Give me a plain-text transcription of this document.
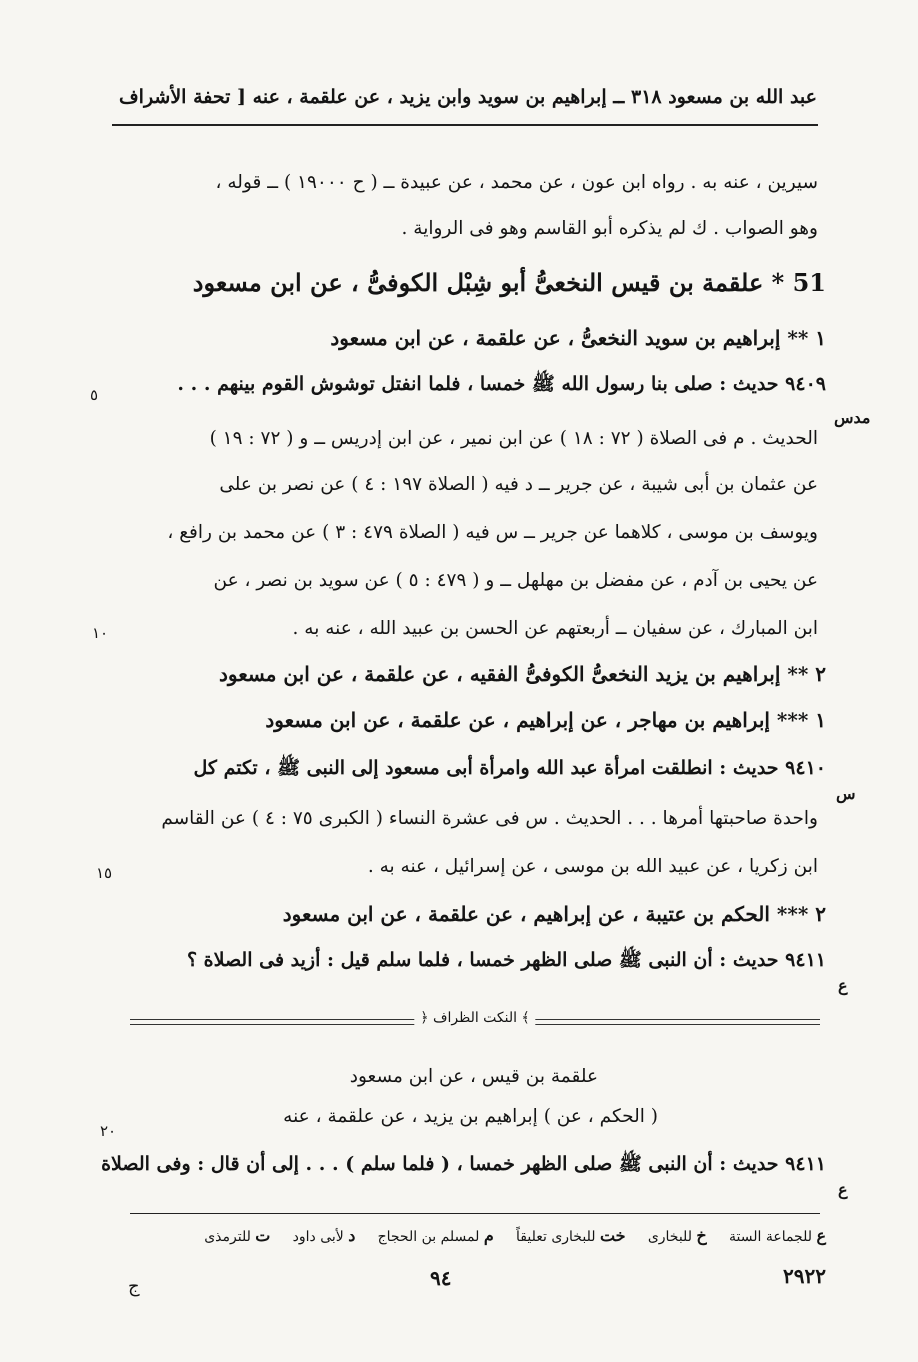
عبد الله بن مسعود ٣١٨ ــ إبراهيم بن سويد وابن يزيد ، عن علقمة ، عنه [ تحفة الأشراف
سيرين ، عنه به . رواه ابن عون ، عن محمد ، عن عبيدة ــ ( ح ١٩٠٠٠ ) ــ قوله ،
وهو الصواب . ك لم يذكره أبو القاسم وهو فى الرواية .
51 * علقمة بن قيس النخعىُّ أبو شِبْل الكوفىُّ ، عن ابن مسعود
١ ** إبراهيم بن سويد النخعىُّ ، عن علقمة ، عن ابن مسعود
٩٤٠٩ حديث : صلى بنا رسول الله ﷺ خمسا ، فلما انفتل توشوش القوم بينهم . . .
الحديث . م فى الصلاة ( ٧٢ : ١٨ ) عن ابن نمير ، عن ابن إدريس ــ و ( ٧٢ : ١٩ )
عن عثمان بن أبى شيبة ، عن جرير ــ د فيه ( الصلاة ١٩٧ : ٤ ) عن نصر بن على
ويوسف بن موسى ، كلاهما عن جرير ــ س فيه ( الصلاة ٤٧٩ : ٣ ) عن محمد بن رافع ،
عن يحيى بن آدم ، عن مفضل بن مهلهل ــ و ( ٤٧٩ : ٥ ) عن سويد بن نصر ، عن
ابن المبارك ، عن سفيان ــ أربعتهم عن الحسن بن عبيد الله ، عنه به .
٢ ** إبراهيم بن يزيد النخعىُّ الكوفىُّ الفقيه ، عن علقمة ، عن ابن مسعود
١ *** إبراهيم بن مهاجر ، عن إبراهيم ، عن علقمة ، عن ابن مسعود
٩٤١٠ حديث : انطلقت امرأة عبد الله وامرأة أبى مسعود إلى النبى ﷺ ، تكتم كل
واحدة صاحبتها أمرها . . . الحديث . س فى عشرة النساء ( الكبرى ٧٥ : ٤ ) عن القاسم
ابن زكريا ، عن عبيد الله بن موسى ، عن إسرائيل ، عنه به .
٢ *** الحكم بن عتيبة ، عن إبراهيم ، عن علقمة ، عن ابن مسعود
٩٤١١ حديث : أن النبى ﷺ صلى الظهر خمسا ، فلما سلم قيل : أزيد فى الصلاة ؟
مدس
س
ع
٥
١٠
١٥
٢٠
﴿ النكت الظراف ﴾
علقمة بن قيس ، عن ابن مسعود
( الحكم ، عن ) إبراهيم بن يزيد ، عن علقمة ، عنه
٩٤١١ حديث : أن النبى ﷺ صلى الظهر خمسا ، ( فلما سلم ) . . . إلى أن قال : وفى الصلاة
ع
ع للجماعة الستة     خ للبخارى     خت للبخارى تعليقاً     م لمسلم بن الحجاج     د لأبى داود     ت للترمذى
٢٩٢٢
٩٤
ج
